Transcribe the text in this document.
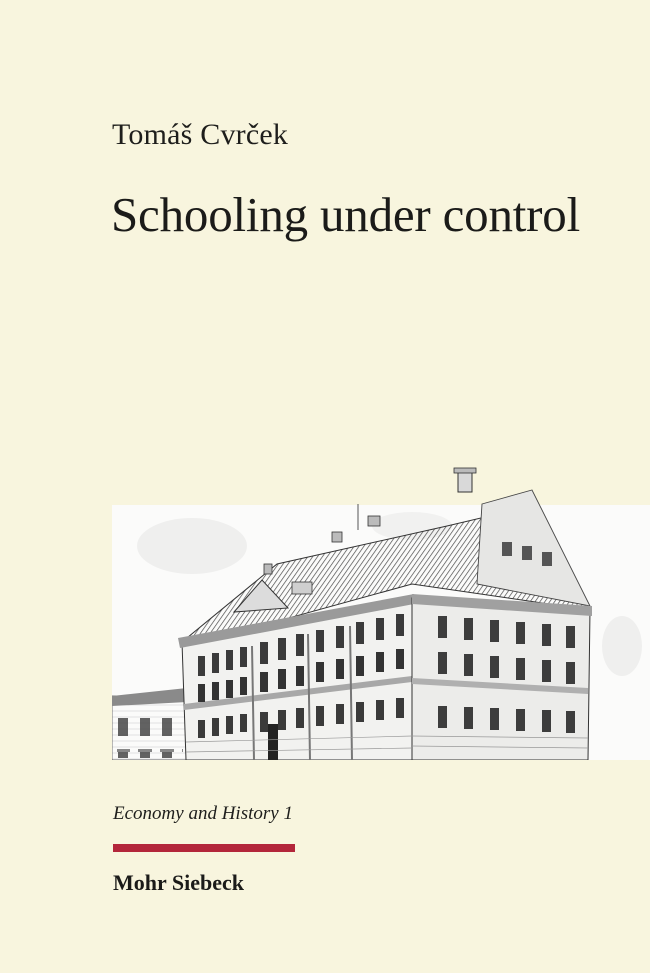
Tomáš Cvrček
Schooling under control
Economy and History 1
Mohr Siebeck
